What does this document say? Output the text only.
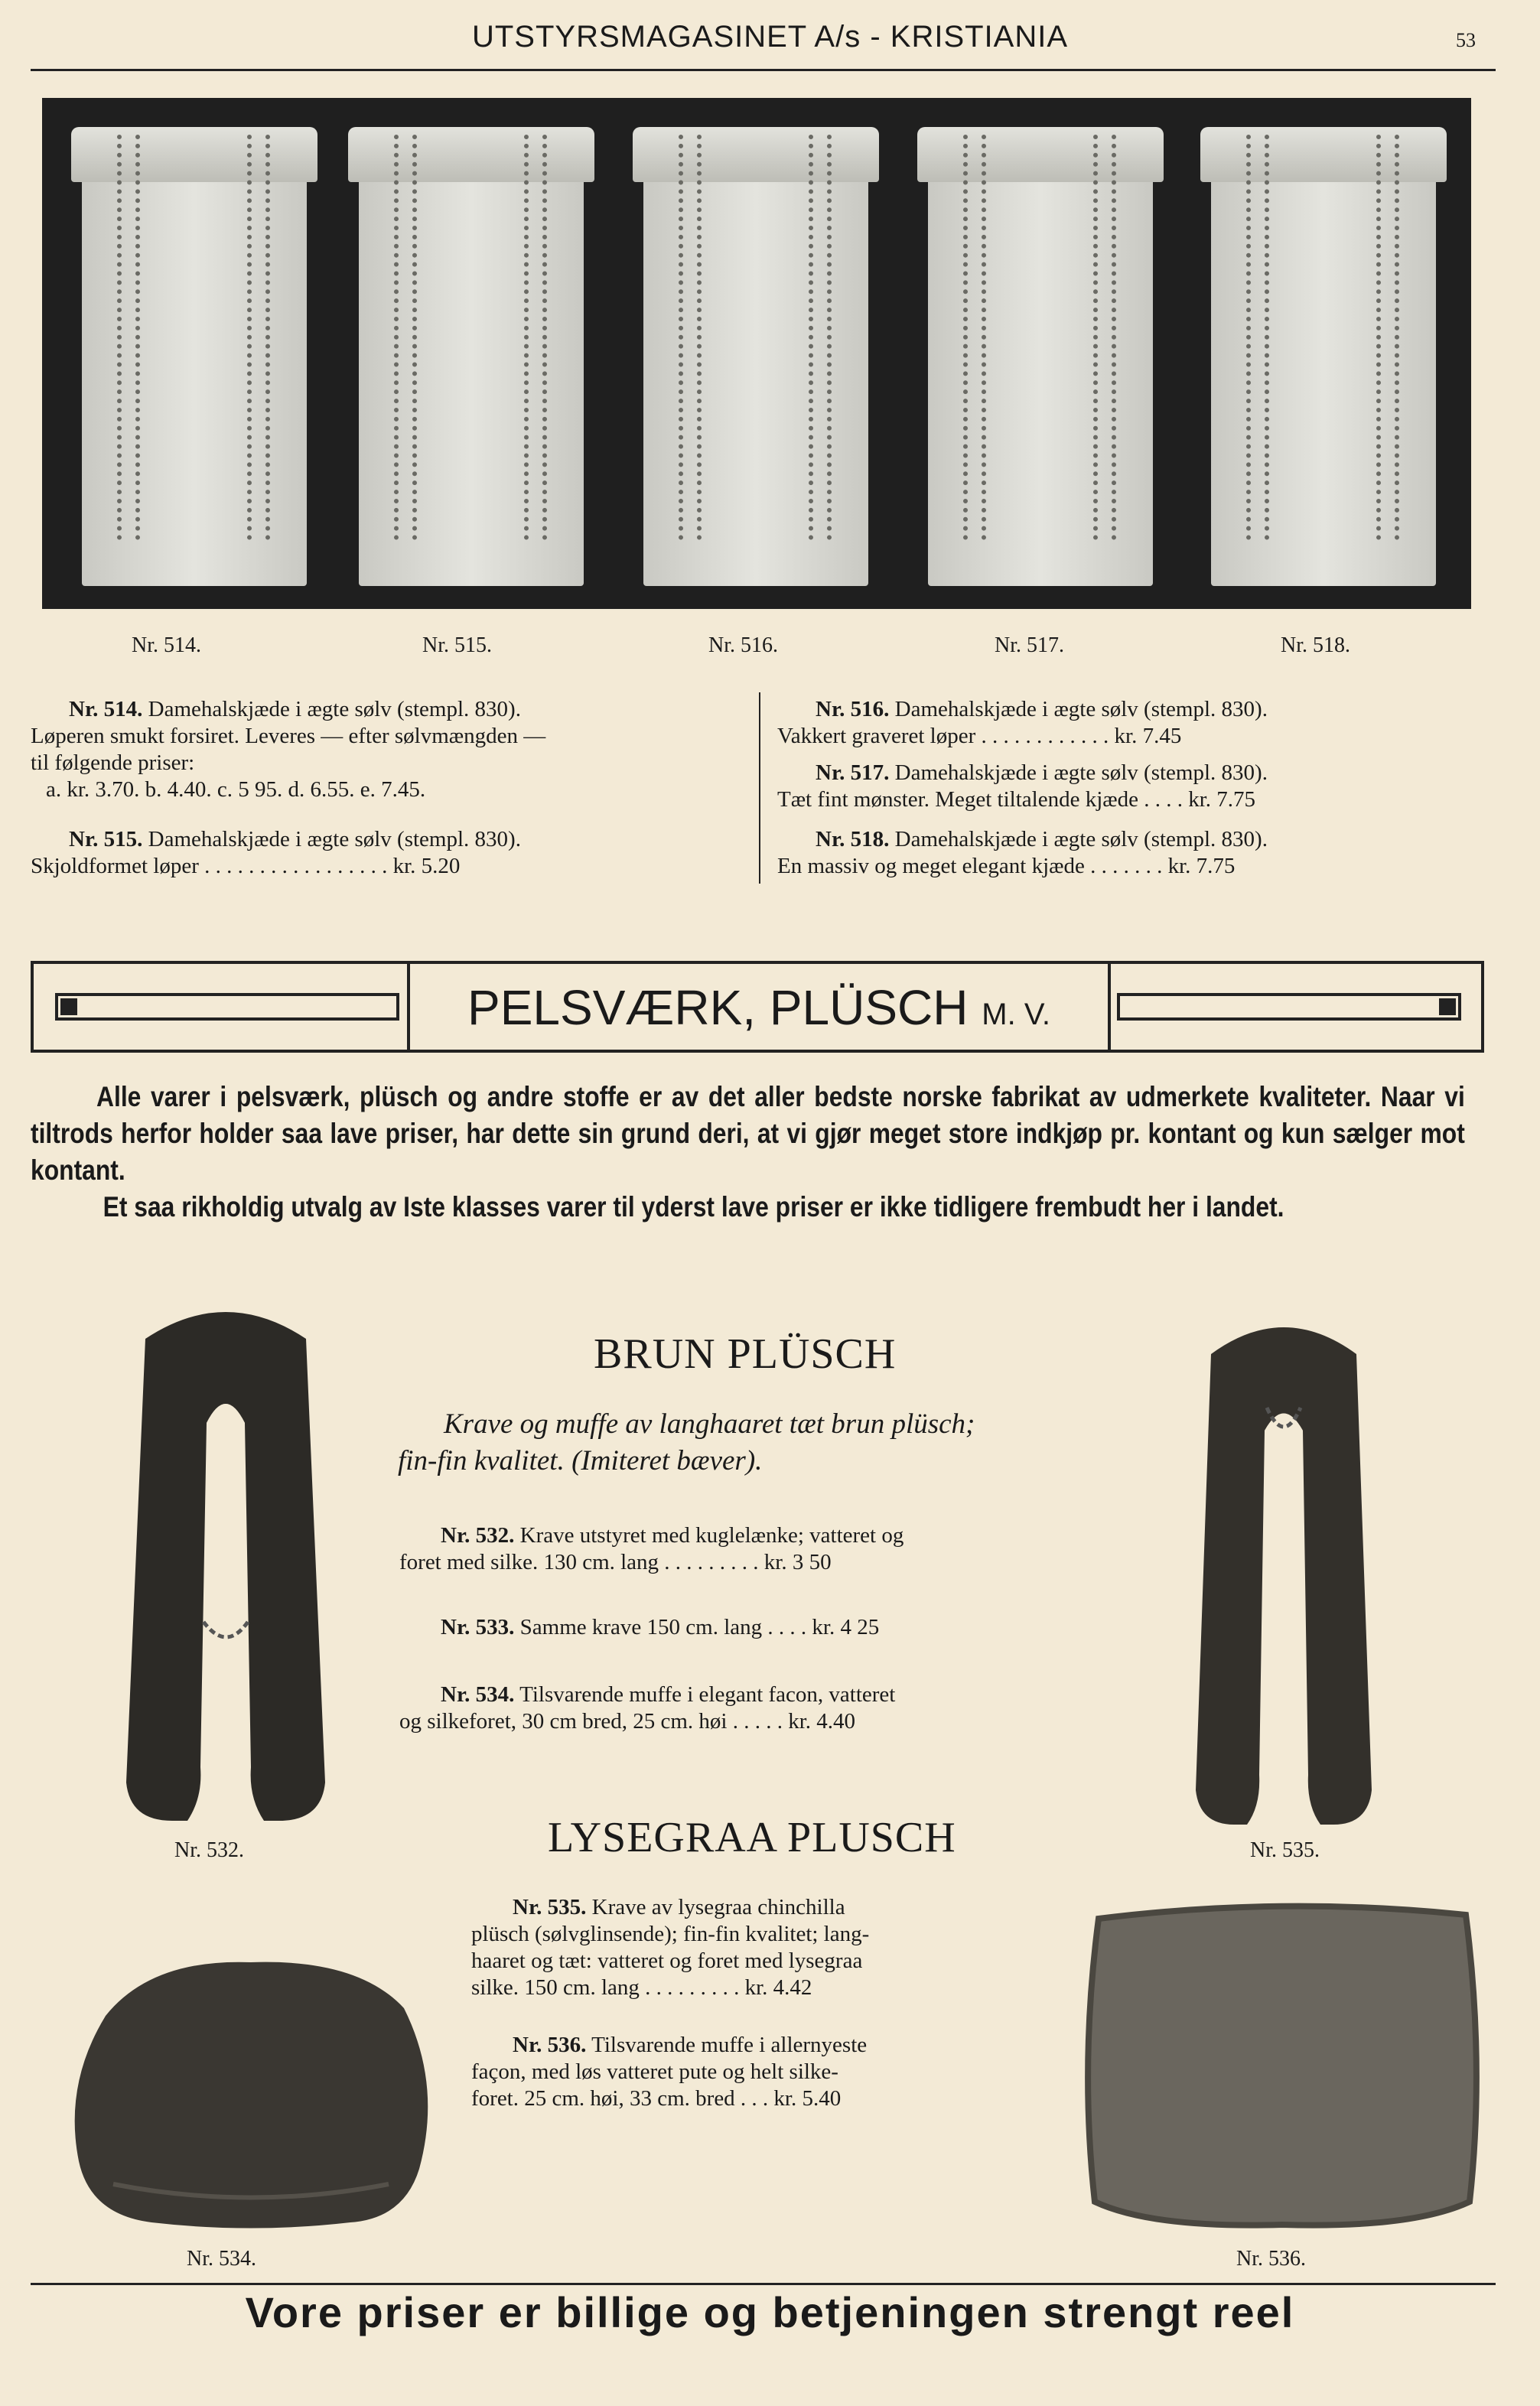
UTSTYRSMAGASINET A/s - KRISTIANIA	53
Nr. 514.	Nr. 515.	Nr. 516.	Nr. 517.	Nr. 518.
Nr. 514. Damehalskjæde i ægte sølv (stempl. 830).
Løperen smukt forsiret. Leveres — efter sølvmængden —
til følgende priser:
a. kr. 3.70. b. 4.40. c. 5 95. d. 6.55. e. 7.45.
Nr. 515. Damehalskjæde i ægte sølv (stempl. 830).
Skjoldformet løper . . . . . . . . . . . . . . . . . kr. 5.20
Nr. 516. Damehalskjæde i ægte sølv (stempl. 830).
Vakkert graveret løper . . . . . . . . . . . . kr. 7.45
Nr. 517. Damehalskjæde i ægte sølv (stempl. 830).
Tæt fint mønster. Meget tiltalende kjæde . . . . kr. 7.75
Nr. 518. Damehalskjæde i ægte sølv (stempl. 830).
En massiv og meget elegant kjæde . . . . . . . kr. 7.75
PELSVÆRK, PLÜSCH M. V.

Alle varer i pelsværk, plüsch og andre stoffe er av det aller bedste norske fabrikat av udmerkete kvaliteter. Naar vi tiltrods herfor holder saa lave priser, har dette sin grund deri, at vi gjør meget store indkjøp pr. kontant og kun sælger mot kontant.

Et saa rikholdig utvalg av Iste klasses varer til yderst lave priser er ikke tidligere frembudt her i landet.

Nr. 532.	Nr. 535.
BRUN PLÜSCH
Krave og muffe av langhaaret tæt brun plüsch;
fin-fin kvalitet. (Imiteret bæver).
Nr. 532. Krave utstyret med kuglelænke; vatteret og
foret med silke. 130 cm. lang . . . . . . . . . kr. 3 50
Nr. 533. Samme krave 150 cm. lang . . . . kr. 4 25
Nr. 534. Tilsvarende muffe i elegant facon, vatteret
og silkeforet, 30 cm bred, 25 cm. høi . . . . . kr. 4.40
LYSEGRAA PLUSCH
Nr. 535. Krave av lysegraa chinchilla
plüsch (sølvglinsende); fin-fin kvalitet; lang-
haaret og tæt: vatteret og foret med lysegraa
silke. 150 cm. lang . . . . . . . . . kr. 4.42
Nr. 536. Tilsvarende muffe i allernyeste
façon, med løs vatteret pute og helt silke-
foret. 25 cm. høi, 33 cm. bred . . . kr. 5.40
Nr. 534.	Nr. 536.
Vore priser er billige og betjeningen strengt reel
